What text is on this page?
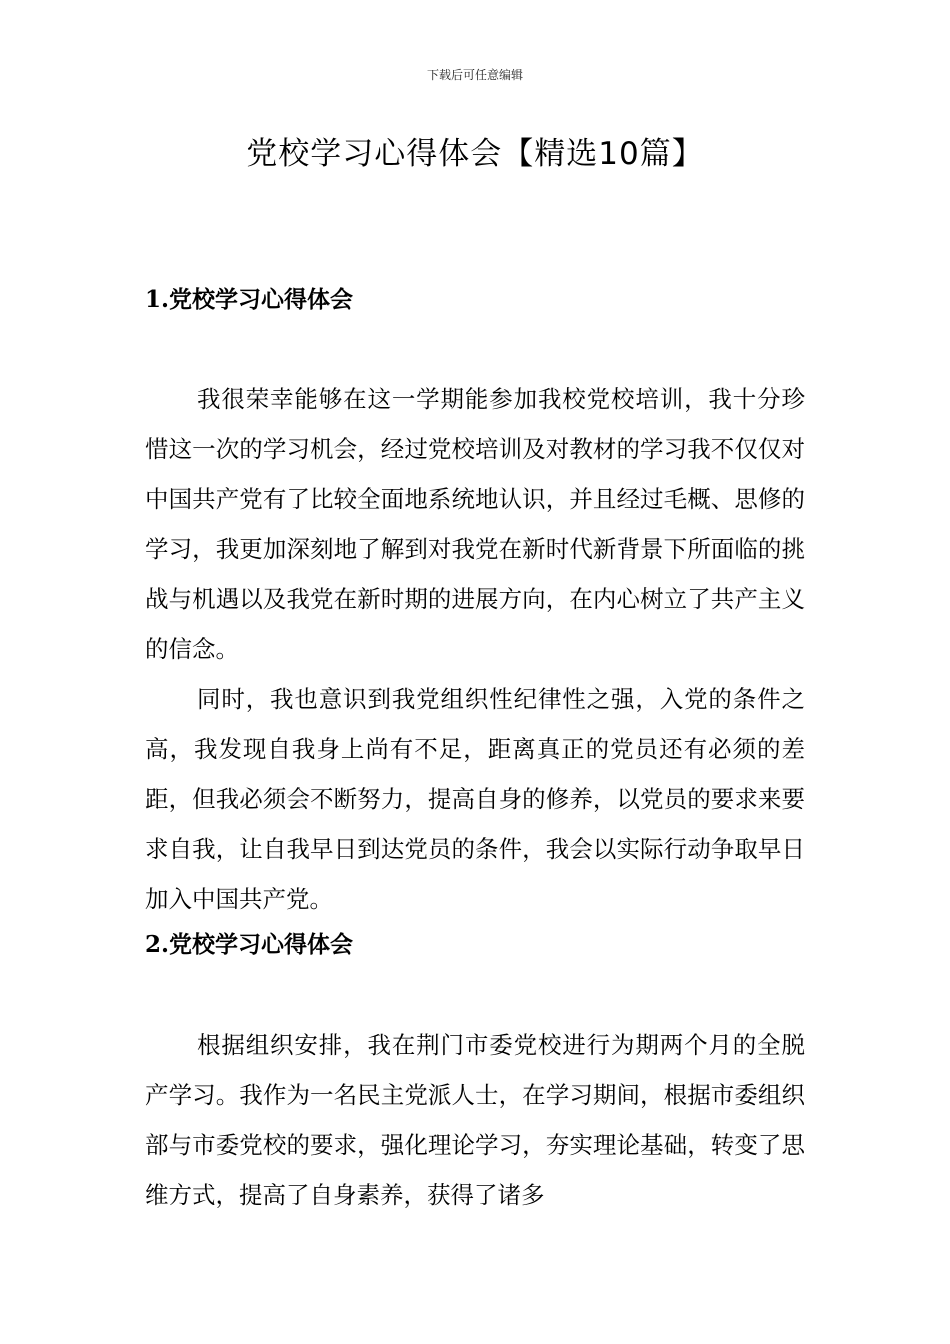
下载后可任意编辑
党校学习心得体会【精选10篇】
1.党校学习心得体会

我很荣幸能够在这一学期能参加我校党校培训，我十分珍惜这一次的学习机会，经过党校培训及对教材的学习我不仅仅对中国共产党有了比较全面地系统地认识，并且经过毛概、思修的学习，我更加深刻地了解到对我党在新时代新背景下所面临的挑战与机遇以及我党在新时期的进展方向，在内心树立了共产主义的信念。

同时，我也意识到我党组织性纪律性之强，入党的条件之高，我发现自我身上尚有不足，距离真正的党员还有必须的差距，但我必须会不断努力，提高自身的修养，以党员的要求来要求自我，让自我早日到达党员的条件，我会以实际行动争取早日加入中国共产党。

2.党校学习心得体会

根据组织安排，我在荆门市委党校进行为期两个月的全脱产学习。我作为一名民主党派人士，在学习期间，根据市委组织部与市委党校的要求，强化理论学习，夯实理论基础，转变了思维方式，提高了自身素养，获得了诸多
